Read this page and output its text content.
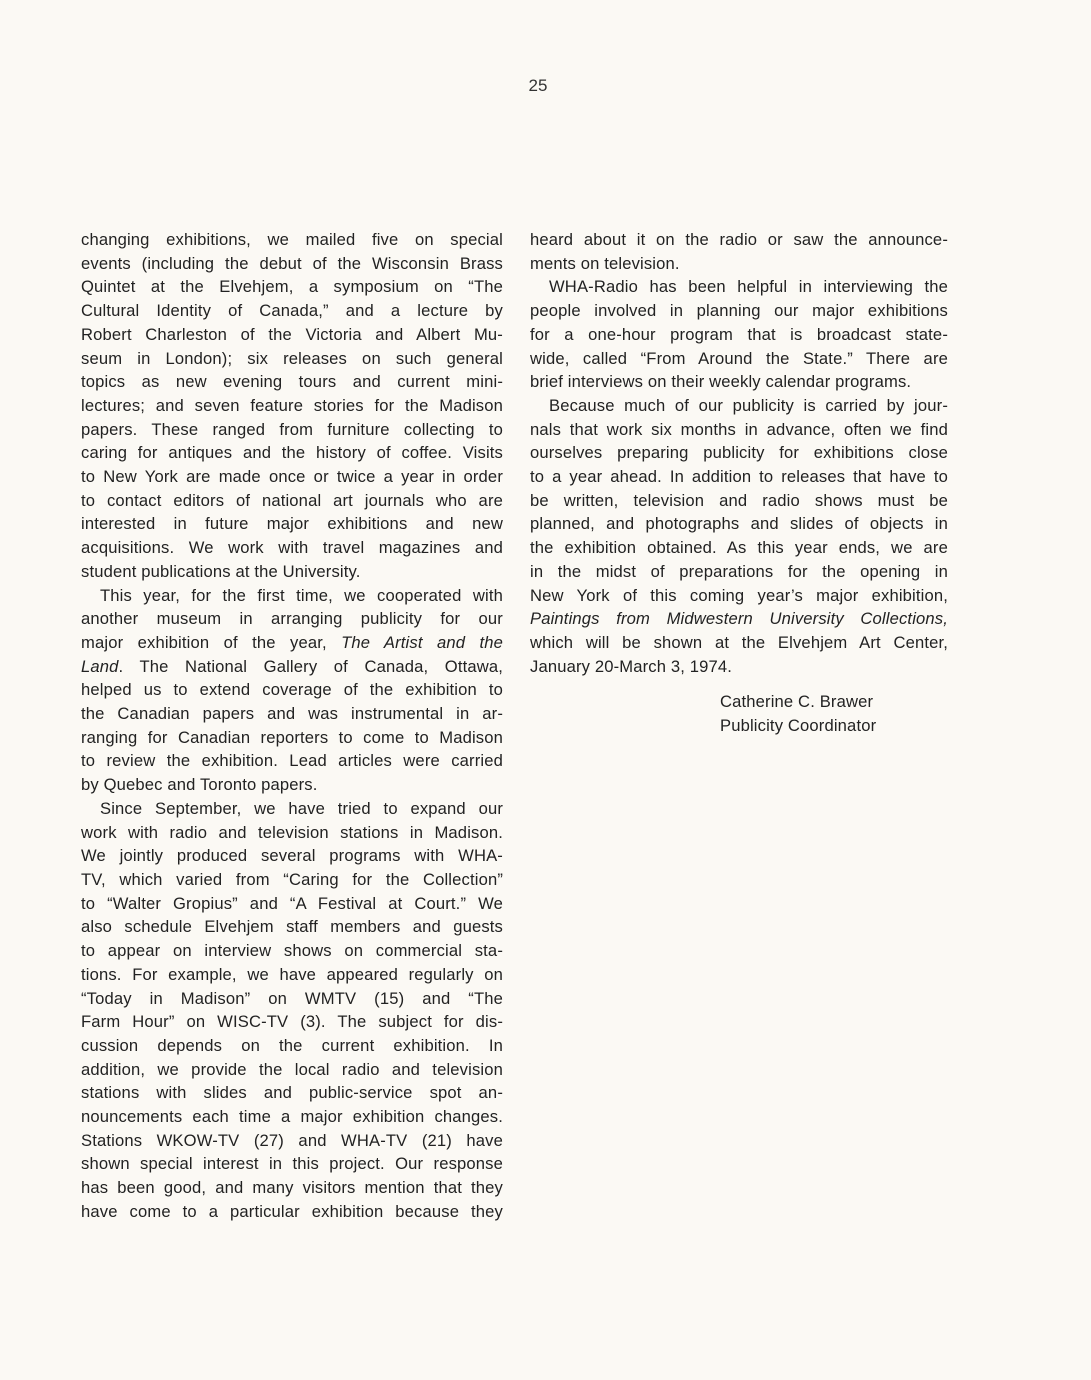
25

changing exhibitions, we mailed five on special
events (including the debut of the Wisconsin Brass
Quintet at the Elvehjem, a symposium on “The
Cultural Identity of Canada,” and a lecture by
Robert Charleston of the Victoria and Albert Mu-
seum in London); six releases on such general
topics as new evening tours and current mini-
lectures; and seven feature stories for the Madison
papers. These ranged from furniture collecting to
caring for antiques and the history of coffee. Visits
to New York are made once or twice a year in order
to contact editors of national art journals who are
interested in future major exhibitions and new
acquisitions. We work with travel magazines and
student publications at the University.

This year, for the first time, we cooperated with
another museum in arranging publicity for our
major exhibition of the year, The Artist and the
Land. The National Gallery of Canada, Ottawa,
helped us to extend coverage of the exhibition to
the Canadian papers and was instrumental in ar-
ranging for Canadian reporters to come to Madison
to review the exhibition. Lead articles were carried
by Quebec and Toronto papers.

Since September, we have tried to expand our
work with radio and television stations in Madison.
We jointly produced several programs with WHA-
TV, which varied from “Caring for the Collection”
to “Walter Gropius” and “A Festival at Court.” We
also schedule Elvehjem staff members and guests
to appear on interview shows on commercial sta-
tions. For example, we have appeared regularly on
“Today in Madison” on WMTV (15) and “The
Farm Hour” on WISC-TV (3). The subject for dis-
cussion depends on the current exhibition. In
addition, we provide the local radio and television
stations with slides and public-service spot an-
nouncements each time a major exhibition changes.
Stations WKOW-TV (27) and WHA-TV (21) have
shown special interest in this project. Our response
has been good, and many visitors mention that they
have come to a particular exhibition because they

heard about it on the radio or saw the announce-
ments on television.

WHA-Radio has been helpful in interviewing the
people involved in planning our major exhibitions
for a one-hour program that is broadcast state-
wide, called “From Around the State.” There are
brief interviews on their weekly calendar programs.

Because much of our publicity is carried by jour-
nals that work six months in advance, often we find
ourselves preparing publicity for exhibitions close
to a year ahead. In addition to releases that have to
be written, television and radio shows must be
planned, and photographs and slides of objects in
the exhibition obtained. As this year ends, we are
in the midst of preparations for the opening in
New York of this coming year’s major exhibition,
Paintings from Midwestern University Collections,
which will be shown at the Elvehjem Art Center,
January 20-March 3, 1974.

Catherine C. Brawer
Publicity Coordinator
